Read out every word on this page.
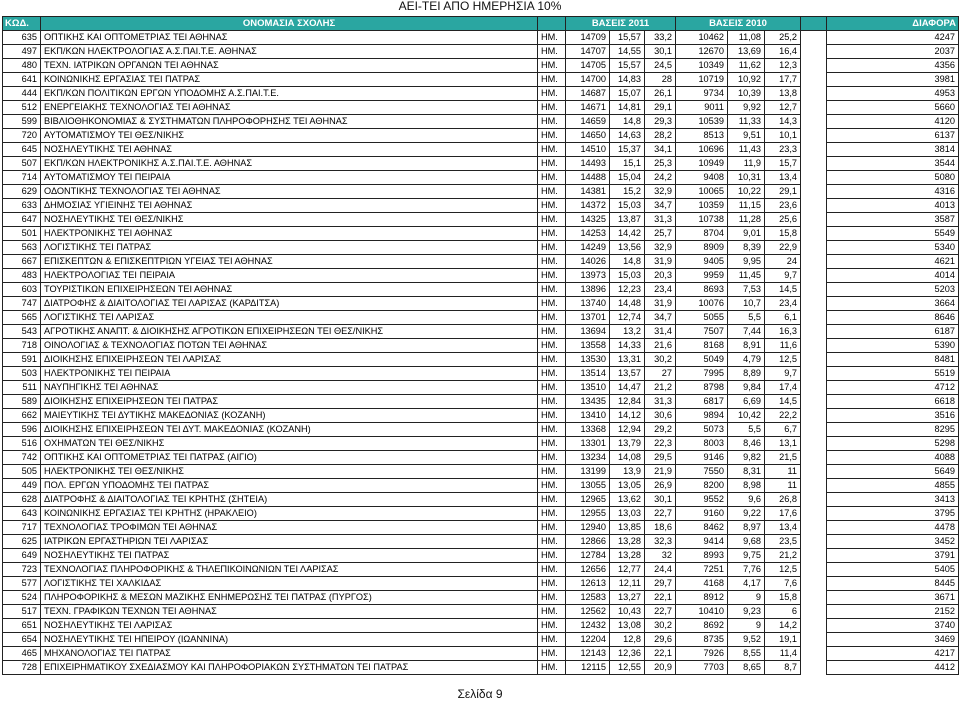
ΑΕΙ-ΤΕΙ ΑΠΟ ΗΜΕΡΗΣΙΑ 10%
ΚΩΔ.	ΟΝΟΜΑΣΙΑ ΣΧΟΛΗΣ		ΒΑΣΕΙΣ 2011			ΒΑΣΕΙΣ 2010				ΔΙΑΦΟΡΑ
635	ΟΠΤΙΚΗΣ ΚΑΙ ΟΠΤΟΜΕΤΡΙΑΣ ΤΕΙ ΑΘΗΝΑΣ	ΗΜ.	14709	15,57	33,2	10462	11,08	25,2		4247
497	ΕΚΠ/ΚΩΝ ΗΛΕΚΤΡΟΛΟΓΙΑΣ Α.Σ.ΠΑΙ.Τ.Ε. ΑΘΗΝΑΣ	ΗΜ.	14707	14,55	30,1	12670	13,69	16,4		2037
480	ΤΕΧΝ. ΙΑΤΡΙΚΩΝ ΟΡΓΑΝΩΝ ΤΕΙ ΑΘΗΝΑΣ	ΗΜ.	14705	15,57	24,5	10349	11,62	12,3		4356
641	ΚΟΙΝΩΝΙΚΗΣ ΕΡΓΑΣΙΑΣ ΤΕΙ ΠΑΤΡΑΣ	ΗΜ.	14700	14,83	28	10719	10,92	17,7		3981
444	ΕΚΠ/ΚΩΝ ΠΟΛΙΤΙΚΩΝ ΕΡΓΩΝ ΥΠΟΔΟΜΗΣ Α.Σ.ΠΑΙ.Τ.Ε.	ΗΜ.	14687	15,07	26,1	9734	10,39	13,8		4953
512	ΕΝΕΡΓΕΙΑΚΗΣ ΤΕΧΝΟΛΟΓΙΑΣ ΤΕΙ ΑΘΗΝΑΣ	ΗΜ.	14671	14,81	29,1	9011	9,92	12,7		5660
599	ΒΙΒΛΙΟΘΗΚΟΝΟΜΙΑΣ & ΣΥΣΤΗΜΑΤΩΝ ΠΛΗΡΟΦΟΡΗΣΗΣ ΤΕΙ ΑΘΗΝΑΣ	ΗΜ.	14659	14,8	29,3	10539	11,33	14,3		4120
720	ΑΥΤΟΜΑΤΙΣΜΟΥ ΤΕΙ ΘΕΣ/ΝΙΚΗΣ	ΗΜ.	14650	14,63	28,2	8513	9,51	10,1		6137
645	ΝΟΣΗΛΕΥΤΙΚΗΣ ΤΕΙ ΑΘΗΝΑΣ	ΗΜ.	14510	15,37	34,1	10696	11,43	23,3		3814
507	ΕΚΠ/ΚΩΝ ΗΛΕΚΤΡΟΝΙΚΗΣ Α.Σ.ΠΑΙ.Τ.Ε. ΑΘΗΝΑΣ	ΗΜ.	14493	15,1	25,3	10949	11,9	15,7		3544
714	ΑΥΤΟΜΑΤΙΣΜΟΥ ΤΕΙ ΠΕΙΡΑΙΑ	ΗΜ.	14488	15,04	24,2	9408	10,31	13,4		5080
629	ΟΔΟΝΤΙΚΗΣ ΤΕΧΝΟΛΟΓΙΑΣ ΤΕΙ ΑΘΗΝΑΣ	ΗΜ.	14381	15,2	32,9	10065	10,22	29,1		4316
633	ΔΗΜΟΣΙΑΣ ΥΓΙΕΙΝΗΣ ΤΕΙ ΑΘΗΝΑΣ	ΗΜ.	14372	15,03	34,7	10359	11,15	23,6		4013
647	ΝΟΣΗΛΕΥΤΙΚΗΣ ΤΕΙ ΘΕΣ/ΝΙΚΗΣ	ΗΜ.	14325	13,87	31,3	10738	11,28	25,6		3587
501	ΗΛΕΚΤΡΟΝΙΚΗΣ ΤΕΙ ΑΘΗΝΑΣ	ΗΜ.	14253	14,42	25,7	8704	9,01	15,8		5549
563	ΛΟΓΙΣΤΙΚΗΣ ΤΕΙ ΠΑΤΡΑΣ	ΗΜ.	14249	13,56	32,9	8909	8,39	22,9		5340
667	ΕΠΙΣΚΕΠΤΩΝ & ΕΠΙΣΚΕΠΤΡΙΩΝ ΥΓΕΙΑΣ ΤΕΙ ΑΘΗΝΑΣ	ΗΜ.	14026	14,8	31,9	9405	9,95	24		4621
483	ΗΛΕΚΤΡΟΛΟΓΙΑΣ ΤΕΙ ΠΕΙΡΑΙΑ	ΗΜ.	13973	15,03	20,3	9959	11,45	9,7		4014
603	ΤΟΥΡΙΣΤΙΚΩΝ ΕΠΙΧΕΙΡΗΣΕΩΝ ΤΕΙ ΑΘΗΝΑΣ	ΗΜ.	13896	12,23	23,4	8693	7,53	14,5		5203
747	ΔΙΑΤΡΟΦΗΣ & ΔΙΑΙΤΟΛΟΓΙΑΣ ΤΕΙ ΛΑΡΙΣΑΣ (ΚΑΡΔΙΤΣΑ)	ΗΜ.	13740	14,48	31,9	10076	10,7	23,4		3664
565	ΛΟΓΙΣΤΙΚΗΣ ΤΕΙ ΛΑΡΙΣΑΣ	ΗΜ.	13701	12,74	34,7	5055	5,5	6,1		8646
543	ΑΓΡΟΤΙΚΗΣ ΑΝΑΠΤ. & ΔΙΟΙΚΗΣΗΣ ΑΓΡΟΤΙΚΩΝ ΕΠΙΧΕΙΡΗΣΕΩΝ ΤΕΙ ΘΕΣ/ΝΙΚΗΣ	ΗΜ.	13694	13,2	31,4	7507	7,44	16,3		6187
718	ΟΙΝΟΛΟΓΙΑΣ & ΤΕΧΝΟΛΟΓΙΑΣ ΠΟΤΩΝ ΤΕΙ ΑΘΗΝΑΣ	ΗΜ.	13558	14,33	21,6	8168	8,91	11,6		5390
591	ΔΙΟΙΚΗΣΗΣ ΕΠΙΧΕΙΡΗΣΕΩΝ ΤΕΙ ΛΑΡΙΣΑΣ	ΗΜ.	13530	13,31	30,2	5049	4,79	12,5		8481
503	ΗΛΕΚΤΡΟΝΙΚΗΣ ΤΕΙ ΠΕΙΡΑΙΑ	ΗΜ.	13514	13,57	27	7995	8,89	9,7		5519
511	ΝΑΥΠΗΓΙΚΗΣ ΤΕΙ ΑΘΗΝΑΣ	ΗΜ.	13510	14,47	21,2	8798	9,84	17,4		4712
589	ΔΙΟΙΚΗΣΗΣ ΕΠΙΧΕΙΡΗΣΕΩΝ ΤΕΙ ΠΑΤΡΑΣ	ΗΜ.	13435	12,84	31,3	6817	6,69	14,5		6618
662	ΜΑΙΕΥΤΙΚΗΣ ΤΕΙ ΔΥΤΙΚΗΣ ΜΑΚΕΔΟΝΙΑΣ (ΚΟΖΑΝΗ)	ΗΜ.	13410	14,12	30,6	9894	10,42	22,2		3516
596	ΔΙΟΙΚΗΣΗΣ ΕΠΙΧΕΙΡΗΣΕΩΝ ΤΕΙ ΔΥΤ. ΜΑΚΕΔΟΝΙΑΣ (ΚΟΖΑΝΗ)	ΗΜ.	13368	12,94	29,2	5073	5,5	6,7		8295
516	ΟΧΗΜΑΤΩΝ ΤΕΙ ΘΕΣ/ΝΙΚΗΣ	ΗΜ.	13301	13,79	22,3	8003	8,46	13,1		5298
742	ΟΠΤΙΚΗΣ ΚΑΙ ΟΠΤΟΜΕΤΡΙΑΣ ΤΕΙ ΠΑΤΡΑΣ (ΑΙΓΙΟ)	ΗΜ.	13234	14,08	29,5	9146	9,82	21,5		4088
505	ΗΛΕΚΤΡΟΝΙΚΗΣ ΤΕΙ ΘΕΣ/ΝΙΚΗΣ	ΗΜ.	13199	13,9	21,9	7550	8,31	11		5649
449	ΠΟΛ. ΕΡΓΩΝ ΥΠΟΔΟΜΗΣ ΤΕΙ ΠΑΤΡΑΣ	ΗΜ.	13055	13,05	26,9	8200	8,98	11		4855
628	ΔΙΑΤΡΟΦΗΣ & ΔΙΑΙΤΟΛΟΓΙΑΣ ΤΕΙ ΚΡΗΤΗΣ (ΣΗΤΕΙΑ)	ΗΜ.	12965	13,62	30,1	9552	9,6	26,8		3413
643	ΚΟΙΝΩΝΙΚΗΣ ΕΡΓΑΣΙΑΣ ΤΕΙ ΚΡΗΤΗΣ (ΗΡΑΚΛΕΙΟ)	ΗΜ.	12955	13,03	22,7	9160	9,22	17,6		3795
717	ΤΕΧΝΟΛΟΓΙΑΣ ΤΡΟΦΙΜΩΝ ΤΕΙ ΑΘΗΝΑΣ	ΗΜ.	12940	13,85	18,6	8462	8,97	13,4		4478
625	ΙΑΤΡΙΚΩΝ ΕΡΓΑΣΤΗΡΙΩΝ ΤΕΙ ΛΑΡΙΣΑΣ	ΗΜ.	12866	13,28	32,3	9414	9,68	23,5		3452
649	ΝΟΣΗΛΕΥΤΙΚΗΣ ΤΕΙ ΠΑΤΡΑΣ	ΗΜ.	12784	13,28	32	8993	9,75	21,2		3791
723	ΤΕΧΝΟΛΟΓΙΑΣ ΠΛΗΡΟΦΟΡΙΚΗΣ & ΤΗΛΕΠΙΚΟΙΝΩΝΙΩΝ ΤΕΙ ΛΑΡΙΣΑΣ	ΗΜ.	12656	12,77	24,4	7251	7,76	12,5		5405
577	ΛΟΓΙΣΤΙΚΗΣ ΤΕΙ ΧΑΛΚΙΔΑΣ	ΗΜ.	12613	12,11	29,7	4168	4,17	7,6		8445
524	ΠΛΗΡΟΦΟΡΙΚΗΣ & ΜΕΣΩΝ ΜΑΖΙΚΗΣ ΕΝΗΜΕΡΩΣΗΣ ΤΕΙ ΠΑΤΡΑΣ (ΠΥΡΓΟΣ)	ΗΜ.	12583	13,27	22,1	8912	9	15,8		3671
517	ΤΕΧΝ. ΓΡΑΦΙΚΩΝ ΤΕΧΝΩΝ ΤΕΙ ΑΘΗΝΑΣ	ΗΜ.	12562	10,43	22,7	10410	9,23	6		2152
651	ΝΟΣΗΛΕΥΤΙΚΗΣ ΤΕΙ ΛΑΡΙΣΑΣ	ΗΜ.	12432	13,08	30,2	8692	9	14,2		3740
654	ΝΟΣΗΛΕΥΤΙΚΗΣ ΤΕΙ ΗΠΕΙΡΟΥ (ΙΩΑΝΝΙΝΑ)	ΗΜ.	12204	12,8	29,6	8735	9,52	19,1		3469
465	ΜΗΧΑΝΟΛΟΓΙΑΣ ΤΕΙ ΠΑΤΡΑΣ	ΗΜ.	12143	12,36	22,1	7926	8,55	11,4		4217
728	ΕΠΙΧΕΙΡΗΜΑΤΙΚΟΥ ΣΧΕΔΙΑΣΜΟΥ ΚΑΙ ΠΛΗΡΟΦΟΡΙΑΚΩΝ ΣΥΣΤΗΜΑΤΩΝ ΤΕΙ ΠΑΤΡΑΣ	ΗΜ.	12115	12,55	20,9	7703	8,65	8,7		4412
Σελίδα 9
